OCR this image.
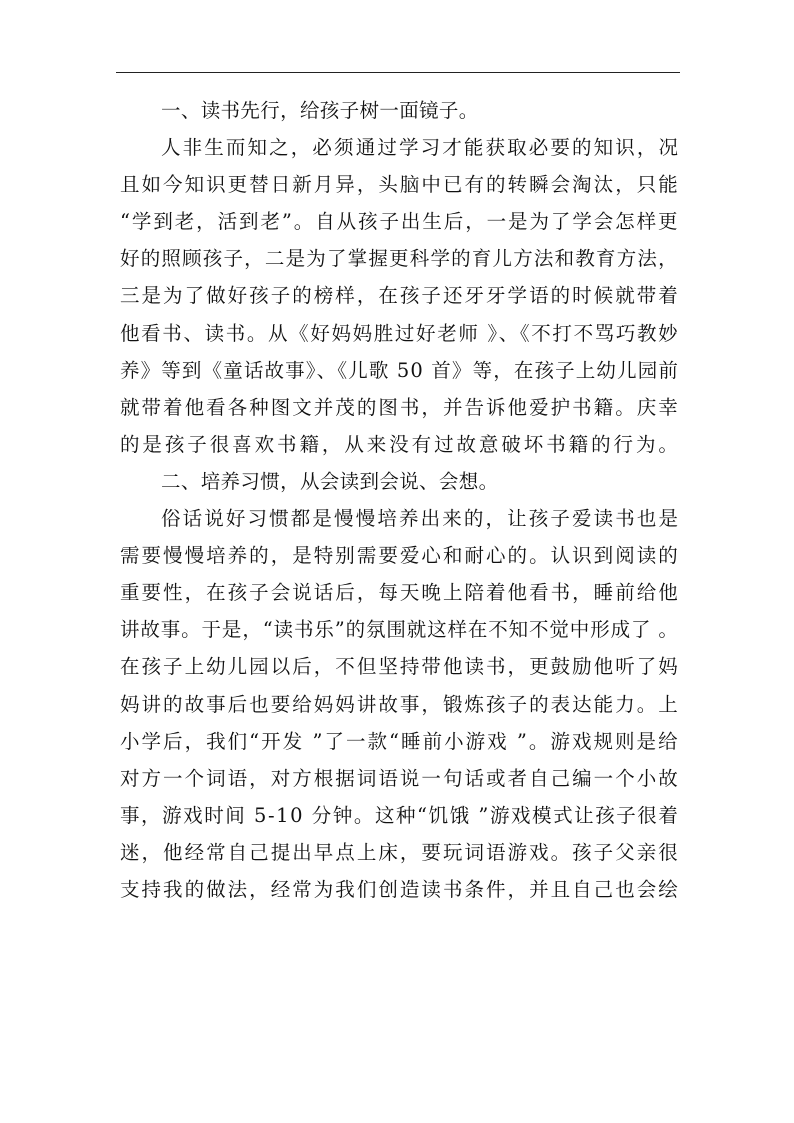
一、读书先行，给孩子树一面镜子。
人非生而知之，必须通过学习才能获取必要的知识，况
且如今知识更替日新月异，头脑中已有的转瞬会淘汰，只能
“学到老，活到老”。自从孩子出生后，一是为了学会怎样更
好的照顾孩子，二是为了掌握更科学的育儿方法和教育方法，
三是为了做好孩子的榜样，在孩子还牙牙学语的时候就带着
他看书、读书。从《好妈妈胜过好老师 》、《不打不骂巧教妙
养》等到《童话故事》、《儿歌 50 首》等，在孩子上幼儿园前
就带着他看各种图文并茂的图书，并告诉他爱护书籍。庆幸
的是孩子很喜欢书籍，从来没有过故意破坏书籍的行为。
二、培养习惯，从会读到会说、会想。
俗话说好习惯都是慢慢培养出来的，让孩子爱读书也是
需要慢慢培养的，是特别需要爱心和耐心的。认识到阅读的
重要性，在孩子会说话后，每天晚上陪着他看书，睡前给他
讲故事。于是，“读书乐”的氛围就这样在不知不觉中形成了 。
在孩子上幼儿园以后，不但坚持带他读书，更鼓励他听了妈
妈讲的故事后也要给妈妈讲故事，锻炼孩子的表达能力。上
小学后，我们“开发 ”了一款“睡前小游戏 ”。游戏规则是给
对方一个词语，对方根据词语说一句话或者自己编一个小故
事，游戏时间 5-10 分钟。这种“饥饿 ”游戏模式让孩子很着
迷，他经常自己提出早点上床，要玩词语游戏。孩子父亲很
支持我的做法，经常为我们创造读书条件，并且自己也会绘
